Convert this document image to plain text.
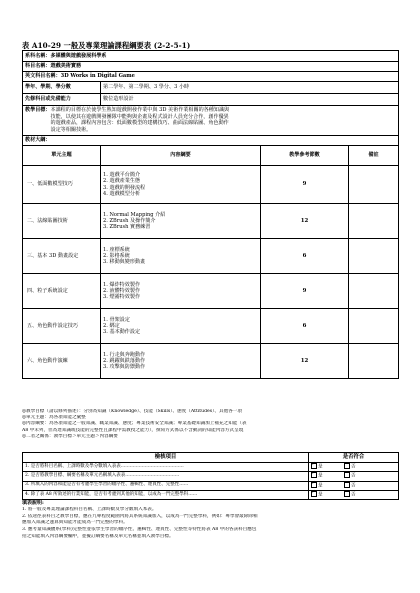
表 A10-29 一般及專業理論課程綱要表 (2-2-5-1)
系科名稱：多媒體與遊戲發展科學系			
科目名稱：遊戲美術實務			
英文科目名稱：3D Works in Digital Game			
學年、學期、學分數	第二學年、第二學期、3 學分、3 小時		
先修科目或先備能力	數位造形設計		

教學目標： 本課程的目標在於使學生熟知遊戲開發作業中與 3D 美術作業相關的各種知識與
技能，以使其在遊戲開發團隊中能夠與企畫及程式設計人員充分合作，創作優異
的遊戲產品，課程內容包含：低面數模型的建構技巧、曲面法線貼圖、角色動作
設定等相關技術。			

教材大綱：			
單元主題	內容綱要	教學參考節數	備註
一、低面數模型技巧	1. 遊戲平台簡介
2. 遊戲產業生態
3. 遊戲的開發流程
4. 遊戲模型分析	9	
二、法線貼圖技術	1. Normal Mapping 介紹
2. ZBrush 及操作簡介
3. ZBrush 實務練習	12	
三、基本 3D 動畫設定	1. 座標系統
2. 影格系統
3. 移動與變形動畫	6	
四、粒子系統設定	1. 爆炸特效製作
2. 液體特效製作
3. 煙霧特效製作	9	
五、角色動作設定技巧	1. 骨架設定
2. 綁定
3. 基本動作設定	6	
六、角色動作演練	1. 行走與奔跑動作
2. 跳躍與跌落動作
3. 攻擊與防禦動作	12	
◎教學目標（請以條列描述）：分別為知識（Knowledge）、技能（Skills）、態度（Attitudes）、其他各一項
◎單元主題：為各項知能之彙整
◎內容綱要：為各項知能之一般知識、職業知識、態度；專業技術安全知識；專業基礎知識加上補充之知能（表
A8 中未列，但為達知識或技能的完整性且課程中需教授之能力），撰寫方式係以不含動詞的知能內容方式呈現
◎二者之關係：教學目標＞單元主題＞內容綱要
檢核項目	是否符合
1. 是否將科目名稱、上課時數及學分數填入表表……………………………………	✓是 否
2. 是否將教學目標、綱要名稱及單元名稱填入表表………………………………	✓是 否
3. 所填入的內容和能是否有考慮學生學習的順序性、邏輯性、連貫性、完整性……	✓是 否
4. 除了表 A8 所敘述的行業知能，是否有考慮到其他的知能，以成為一門完整學科……	✓是 否
填表說明:
1. 將一般及專業理論課程科目名稱、上課時數及學分數填入本表。
2. 依途徑表科目之教學目標，應在九專程度範圍內將其系統知識加入，以成為一門完整學科，例如：專學會最除除相
應加入知識之運算與知能才能成為一門完整的學科。
3. 應考量知識體系(學科)完整性並依學生學習的順序性、邏輯性、連貫性、完整性等特性將表 A8 中的各該科目應包
括之知能填入內容綱要欄中，並擬訂綱要名稱及單元名稱並填入教學目標。
